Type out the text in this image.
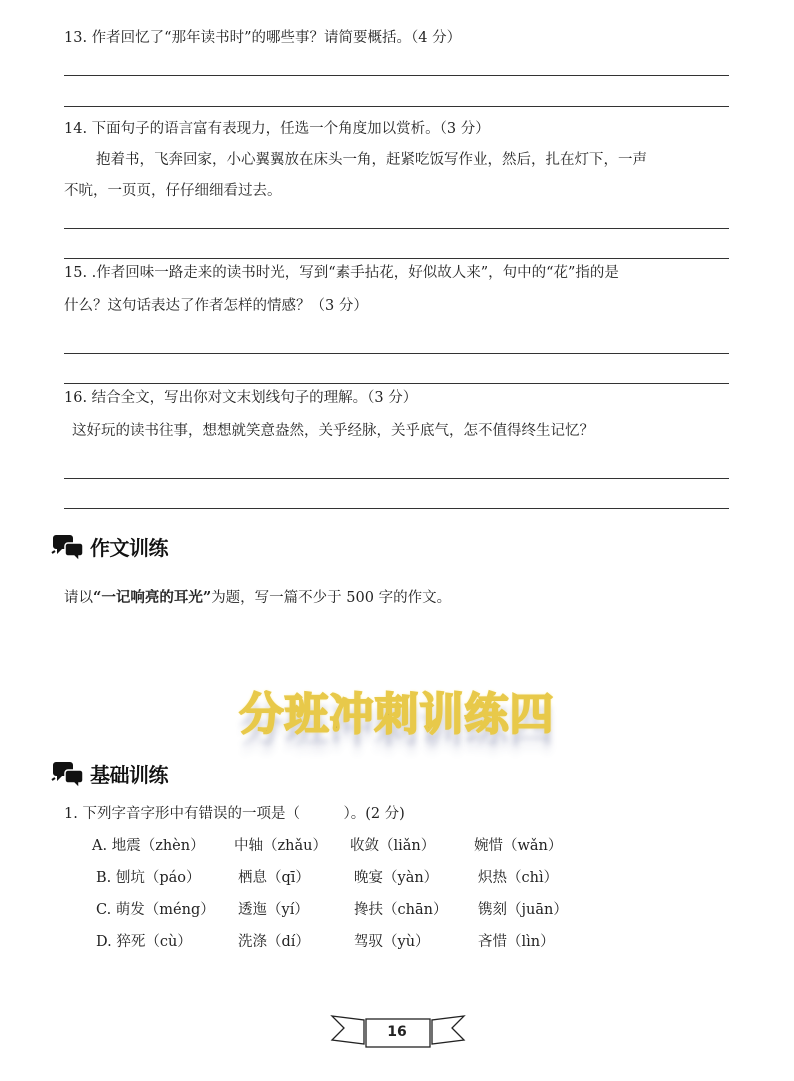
13. 作者回忆了“那年读书时”的哪些事？请简要概括。（4 分）
14. 下面句子的语言富有表现力，任选一个角度加以赏析。（3 分）
抱着书，飞奔回家，小心翼翼放在床头一角，赶紧吃饭写作业，然后，扎在灯下，一声
不吭，一页页，仔仔细细看过去。
15. .作者回味一路走来的读书时光，写到“素手拈花，好似故人来”，句中的“花”指的是
什么？这句话表达了作者怎样的情感？（3 分）
16. 结合全文，写出你对文末划线句子的理解。（3 分）
这好玩的读书往事，想想就笑意盎然，关乎经脉，关乎底气，怎不值得终生记忆？
作文训练
请以“一记响亮的耳光”为题，写一篇不少于 500 字的作文。
分班冲刺训练四
基础训练
1. 下列字音字形中有错误的一项是（　　　）。(2 分)
A. 地震（zhèn） 中轴（zhǎu） 收敛（liǎn）	婉惜（wǎn）
B. 刨坑（páo）	栖息（qī）	晚宴（yàn）	炽热（chì）
C. 萌发（méng） 透迤（yí）	搀扶（chān） 镌刻（juān）
D. 猝死（cù）	洗涤（dí）	驾驭（yù）	吝惜（lìn）
16
